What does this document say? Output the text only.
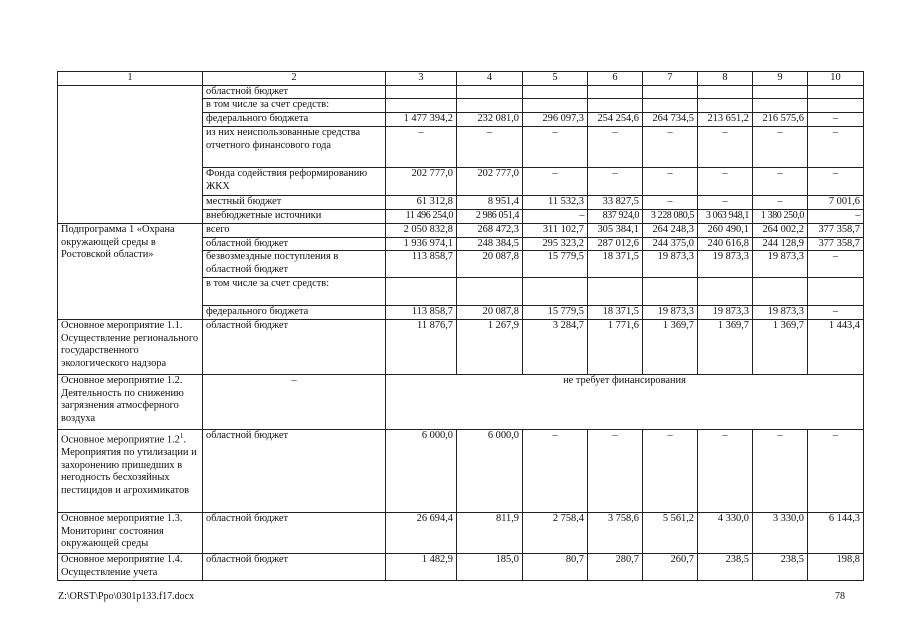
1	2	3	4	5	6	7	8	9	10
	областной бюджет								
	в том числе за счет средств:								
	федерального бюджета	1 477 394,2	232 081,0	296 097,3	254 254,6	264 734,5	213 651,2	216 575,6	–
	из них неиспользованные средства отчетного финансового года	–	–	–	–	–	–	–	–
	Фонда содействия реформированию ЖКХ	202 777,0	202 777,0	–	–	–	–	–	–
	местный бюджет	61 312,8	8 951,4	11 532,3	33 827,5	–	–	–	7 001,6
	внебюджетные источники	11 496 254,0	2 986 051,4	–	837 924,0	3 228 080,5	3 063 948,1	1 380 250,0	–
Подпрограмма 1 «Охрана окружающей среды в Ростовской области»	всего	2 050 832,8	268 472,3	311 102,7	305 384,1	264 248,3	260 490,1	264 002,2	377 358,7
	областной бюджет	1 936 974,1	248 384,5	295 323,2	287 012,6	244 375,0	240 616,8	244 128,9	377 358,7
	безвозмездные поступления в областной бюджет	113 858,7	20 087,8	15 779,5	18 371,5	19 873,3	19 873,3	19 873,3	–
	в том числе за счет средств:								
	федерального бюджета	113 858,7	20 087,8	15 779,5	18 371,5	19 873,3	19 873,3	19 873,3	–
Основное мероприятие 1.1. Осуществление регионального государственного экологического надзора	областной бюджет	11 876,7	1 267,9	3 284,7	1 771,6	1 369,7	1 369,7	1 369,7	1 443,4
Основное мероприятие 1.2. Деятельность по снижению загрязнения атмосферного воздуха	–	не требует финансирования							
Основное мероприятие $1.2^1$. Мероприятия по утилизации и захоронению пришедших в негодность бесхозяйных пестицидов и агрохимикатов	областной бюджет	6 000,0	6 000,0	–	–	–	–	–	–
Основное мероприятие 1.3. Мониторинг состояния окружающей среды	областной бюджет	26 694,4	811,9	2 758,4	3 758,6	5 561,2	4 330,0	3 330,0	6 144,3
Основное мероприятие 1.4. Осуществление учета	областной бюджет	1 482,9	185,0	80,7	280,7	260,7	238,5	238,5	198,8
Z:\ORST\Ppo\0301p133.f17.docx	78
